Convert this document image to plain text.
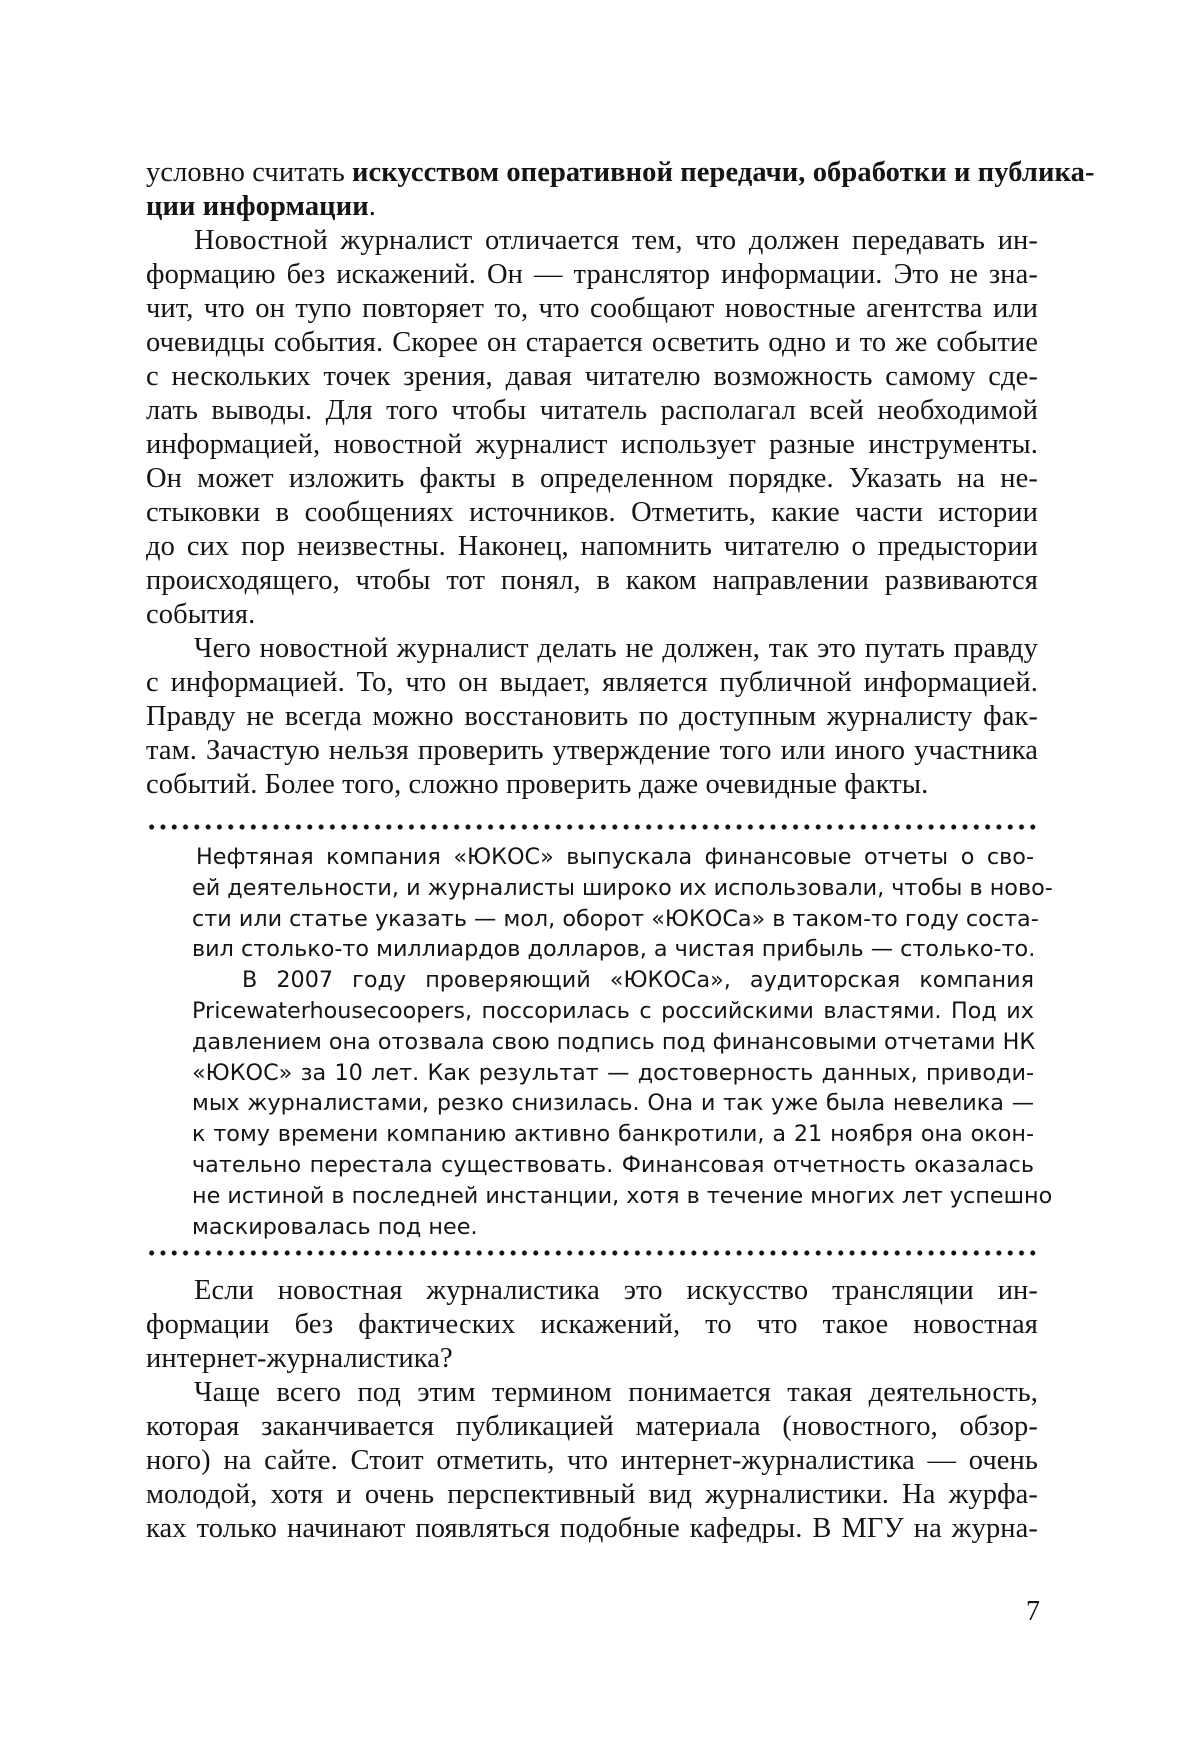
условно считать искусством оперативной передачи, обработки и публика-
ции информации.
Новостной журналист отличается тем, что должен передавать ин-
формацию без искажений. Он — транслятор информации. Это не зна-
чит, что он тупо повторяет то, что сообщают новостные агентства или
очевидцы события. Скорее он старается осветить одно и то же событие
с нескольких точек зрения, давая читателю возможность самому сде-
лать выводы. Для того чтобы читатель располагал всей необходимой
информацией, новостной журналист использует разные инструменты.
Он может изложить факты в определенном порядке. Указать на не-
стыковки в сообщениях источников. Отметить, какие части истории
до сих пор неизвестны. Наконец, напомнить читателю о предыстории
происходящего, чтобы тот понял, в каком направлении развиваются
события.
Чего новостной журналист делать не должен, так это путать правду
с информацией. То, что он выдает, является публичной информацией.
Правду не всегда можно восстановить по доступным журналисту фак-
там. Зачастую нельзя проверить утверждение того или иного участника
событий. Более того, сложно проверить даже очевидные факты.
Нефтяная компания «ЮКОС» выпускала финансовые отчеты о сво-
ей деятельности, и журналисты широко их использовали, чтобы в ново-
сти или статье указать — мол, оборот «ЮКОСа» в таком-то году соста-
вил столько-то миллиардов долларов, а чистая прибыль — столько-то.
В 2007 году проверяющий «ЮКОСа», аудиторская компания
Pricewaterhousecoopers, поссорилась с российскими властями. Под их
давлением она отозвала свою подпись под финансовыми отчетами НК
«ЮКОС» за 10 лет. Как результат — достоверность данных, приводи-
мых журналистами, резко снизилась. Она и так уже была невелика —
к тому времени компанию активно банкротили, а 21 ноября она окон-
чательно перестала существовать. Финансовая отчетность оказалась
не истиной в последней инстанции, хотя в течение многих лет успешно
маскировалась под нее.
Если новостная журналистика это искусство трансляции ин-
формации без фактических искажений, то что такое новостная
интернет-журналистика?
Чаще всего под этим термином понимается такая деятельность,
которая заканчивается публикацией материала (новостного, обзор-
ного) на сайте. Стоит отметить, что интернет-журналистика — очень
молодой, хотя и очень перспективный вид журналистики. На журфа-
ках только начинают появляться подобные кафедры. В МГУ на журна-
7
